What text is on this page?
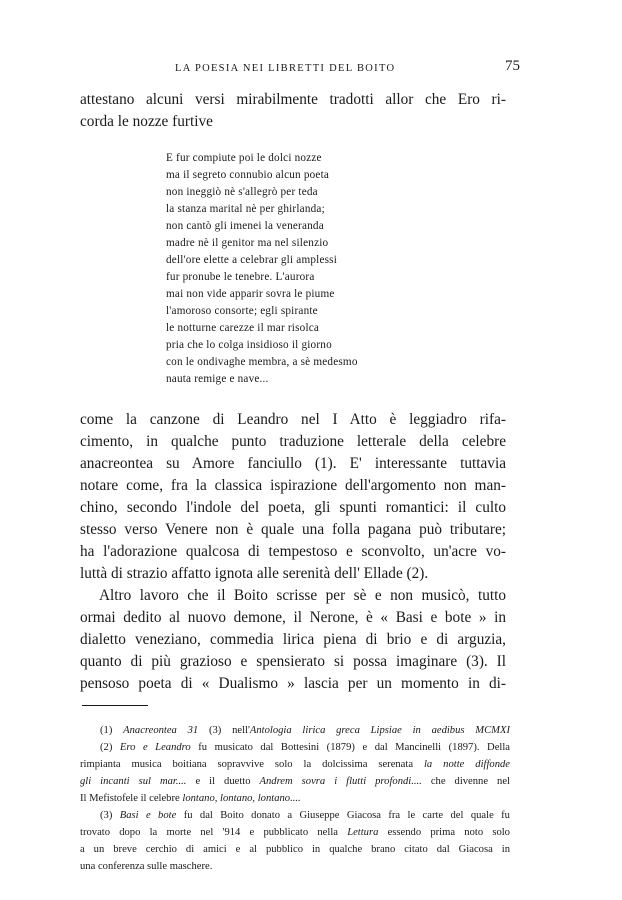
LA POESIA NEI LIBRETTI DEL BOITO	75
attestano alcuni versi mirabilmente tradotti allor che Ero ri-
corda le nozze furtive
E fur compiute poi le dolci nozze
ma il segreto connubio alcun poeta
non ineggiò nè s'allegrò per teda
la stanza marital nè per ghirlanda;
non cantò gli imenei la veneranda
madre nè il genitor ma nel silenzio
dell'ore elette a celebrar gli amplessi
fur pronube le tenebre. L'aurora
mai non vide apparir sovra le piume
l'amoroso consorte; egli spirante
le notturne carezze il mar risolca
pria che lo colga insidioso il giorno
con le ondivaghe membra, a sè medesmo
nauta remige e nave...
come la canzone di Leandro nel I Atto è leggiadro rifa-
cimento, in qualche punto traduzione letterale della celebre
anacreontea su Amore fanciullo (1). E' interessante tuttavia
notare come, fra la classica ispirazione dell'argomento non man-
chino, secondo l'indole del poeta, gli spunti romantici: il culto
stesso verso Venere non è quale una folla pagana può tributare;
ha l'adorazione qualcosa di tempestoso e sconvolto, un'acre vo-
luttà di strazio affatto ignota alle serenità dell' Ellade (2).
Altro lavoro che il Boito scrisse per sè e non musicò, tutto
ormai dedito al nuovo demone, il Nerone, è « Basi e bote » in
dialetto veneziano, commedia lirica piena di brio e di arguzia,
quanto di più grazioso e spensierato si possa imaginare (3). Il
pensoso poeta di « Dualismo » lascia per un momento in di-
(1) Anacreontea 31 (3) nell'Antologia lirica greca Lipsiae in aedibus MCMXI
(2) Ero e Leandro fu musicato dal Bottesini (1879) e dal Mancinelli (1897). Della
rimpianta musica boitiana sopravvive solo la dolcissima serenata la notte diffonde
gli incanti sul mar.... e il duetto Andrem sovra i flutti profondi.... che divenne nel
Il Mefistofele il celebre lontano, lontano, lontano....
(3) Basi e bote fu dal Boito donato a Giuseppe Giacosa fra le carte del quale fu
trovato dopo la morte nel '914 e pubblicato nella Lettura essendo prima noto solo
a un breve cerchio di amici e al pubblico in qualche brano citato dal Giacosa in
una conferenza sulle maschere.
